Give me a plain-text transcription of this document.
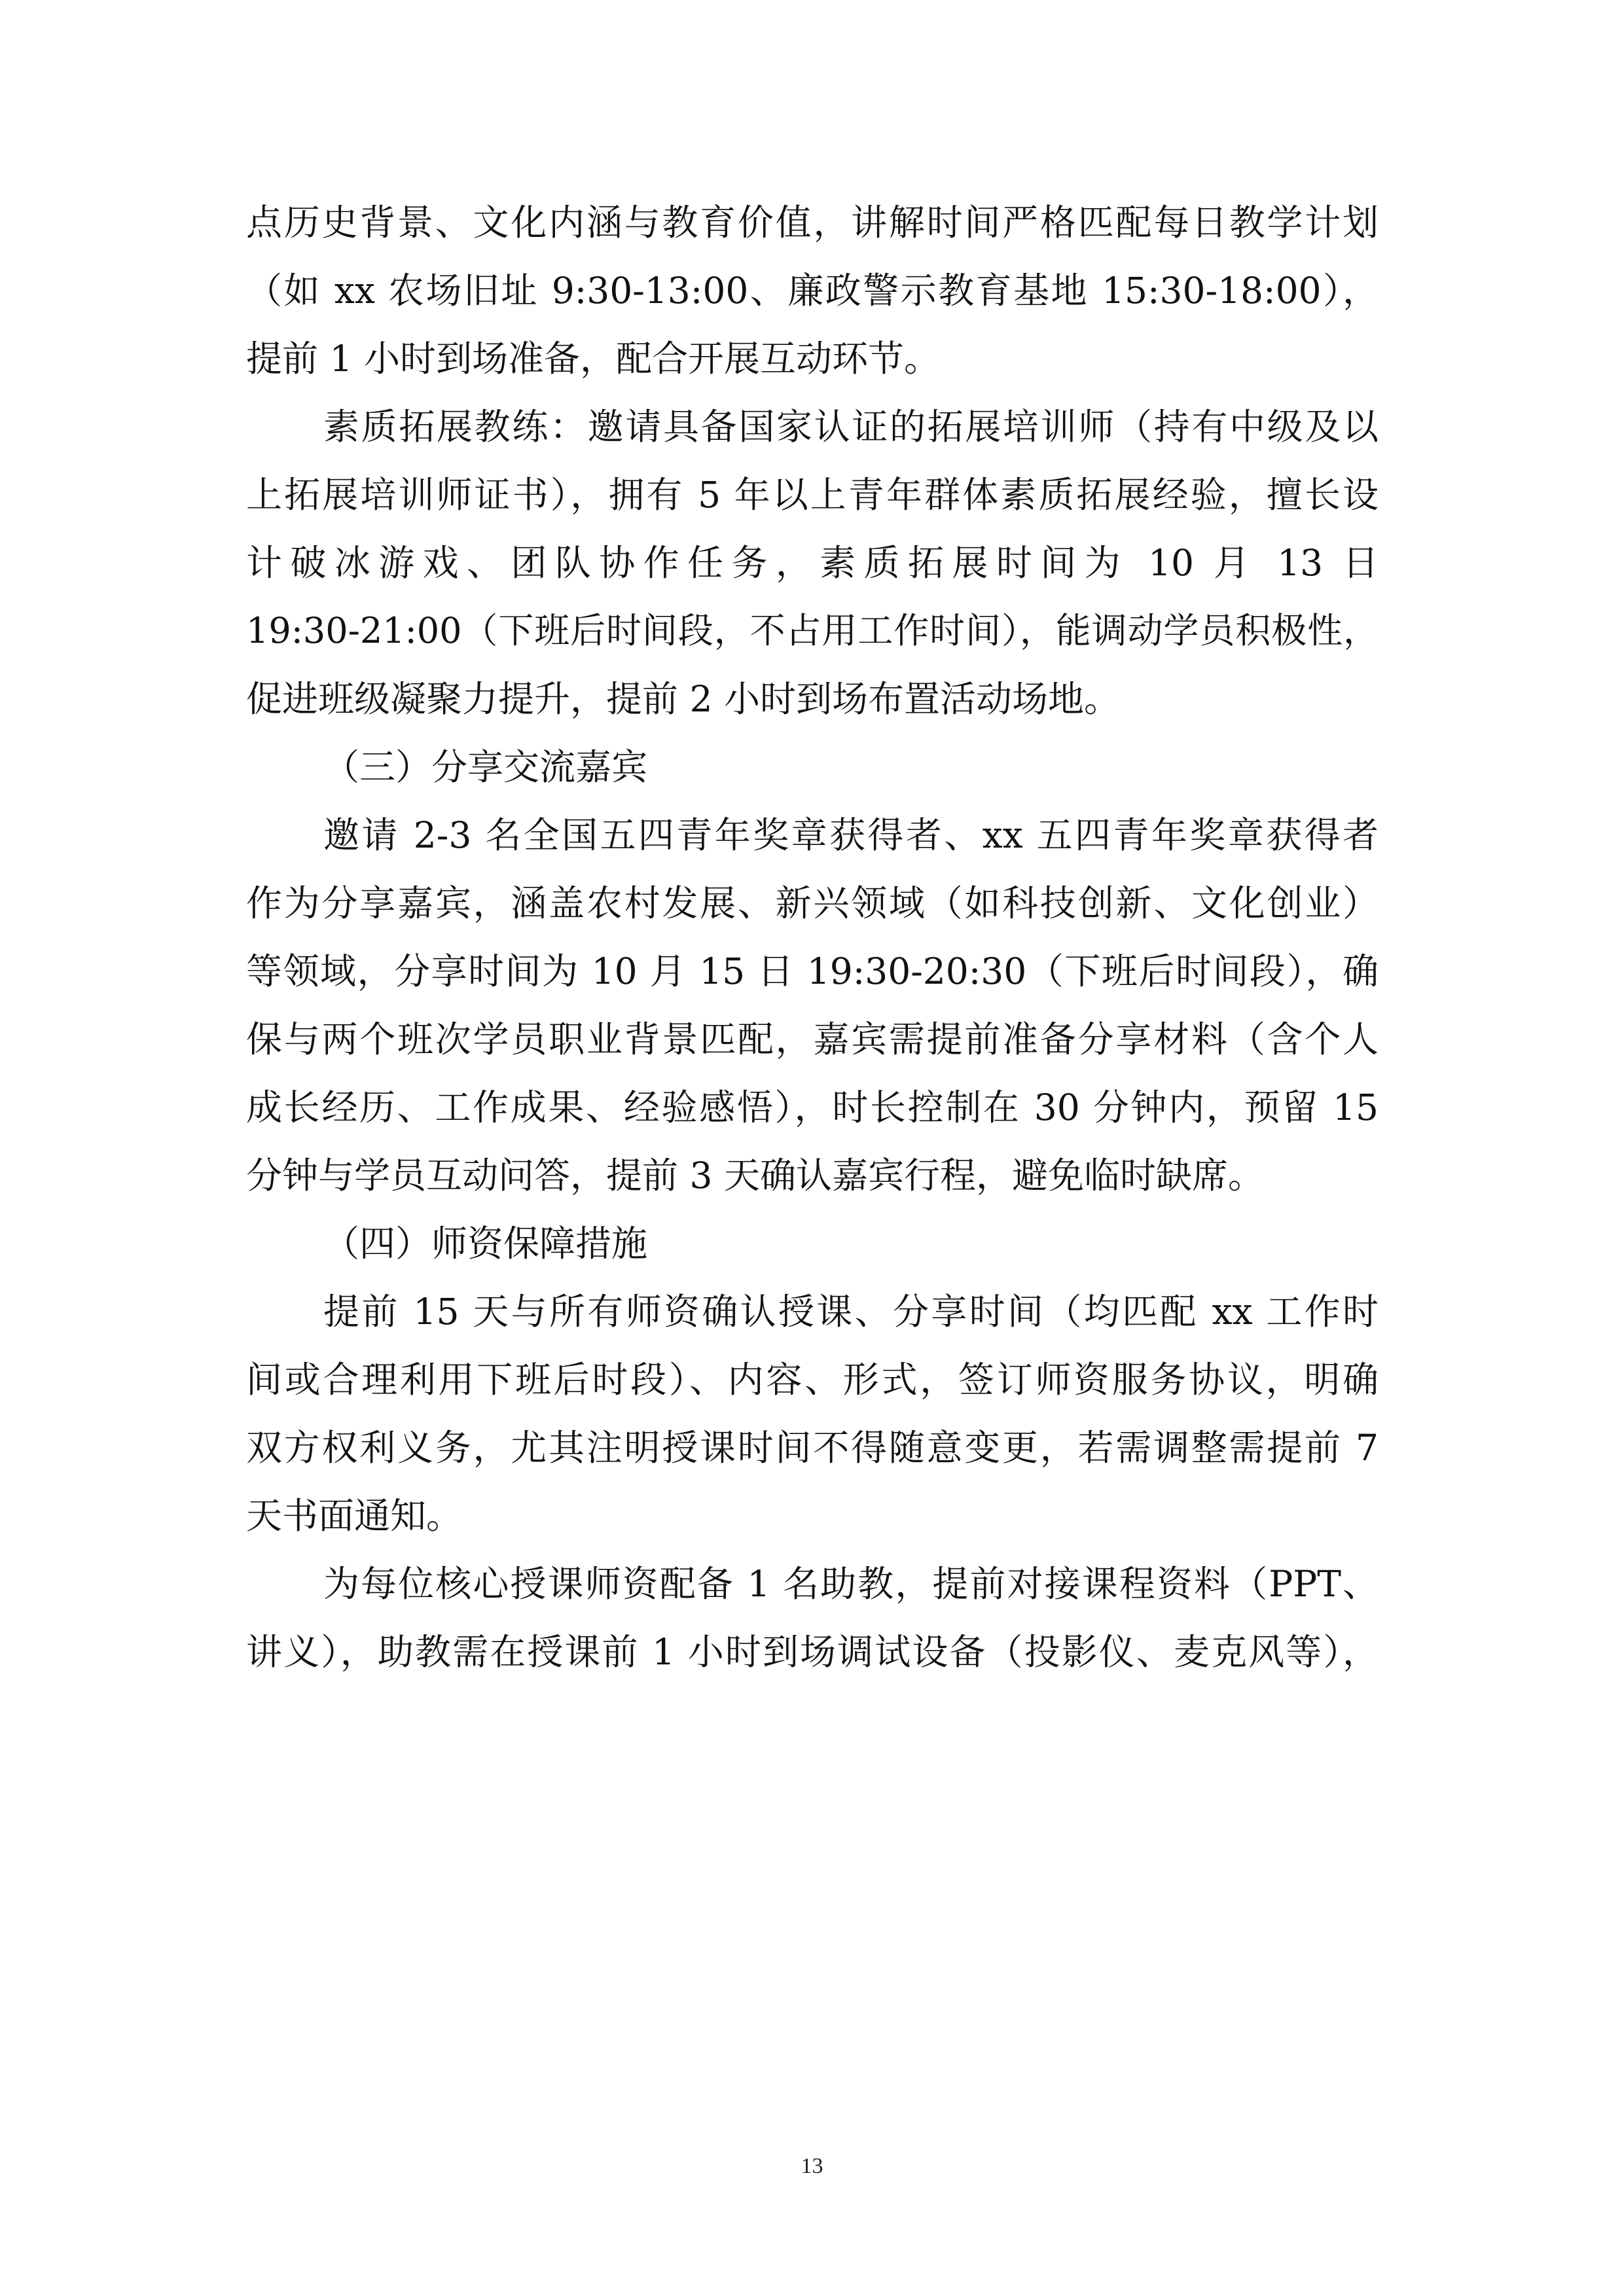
点历史背景、文化内涵与教育价值，讲解时间严格匹配每日教学计划
（如 xx 农场旧址 9:30-13:00、廉政警示教育基地 15:30-18:00），
提前 1 小时到场准备，配合开展互动环节。
素质拓展教练：邀请具备国家认证的拓展培训师（持有中级及以
上拓展培训师证书），拥有 5 年以上青年群体素质拓展经验，擅长设
计破冰游戏、团队协作任务，素质拓展时间为 10 月 13 日
19:30-21:00（下班后时间段，不占用工作时间），能调动学员积极性，
促进班级凝聚力提升，提前 2 小时到场布置活动场地。
（三）分享交流嘉宾
邀请 2-3 名全国五四青年奖章获得者、xx 五四青年奖章获得者
作为分享嘉宾，涵盖农村发展、新兴领域（如科技创新、文化创业）
等领域，分享时间为 10 月 15 日 19:30-20:30（下班后时间段），确
保与两个班次学员职业背景匹配，嘉宾需提前准备分享材料（含个人
成长经历、工作成果、经验感悟），时长控制在 30 分钟内，预留 15
分钟与学员互动问答，提前 3 天确认嘉宾行程，避免临时缺席。
（四）师资保障措施
提前 15 天与所有师资确认授课、分享时间（均匹配 xx 工作时
间或合理利用下班后时段）、内容、形式，签订师资服务协议，明确
双方权利义务，尤其注明授课时间不得随意变更，若需调整需提前 7
天书面通知。
为每位核心授课师资配备 1 名助教，提前对接课程资料（PPT、
讲义），助教需在授课前 1 小时到场调试设备（投影仪、麦克风等），
13
